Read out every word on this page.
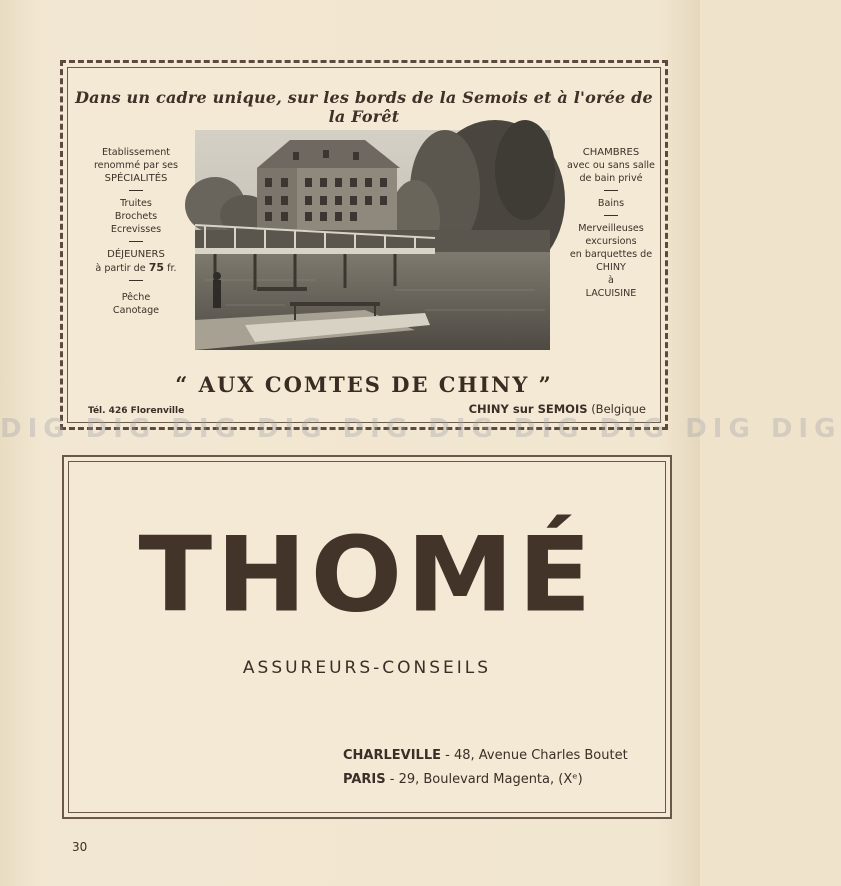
Dans un cadre unique, sur les bords de la Semois et à l'orée de la Forêt
Etablissement
renommé par ses
SPÉCIALITÉS
Truites
Brochets
Ecrevisses
DÉJEUNERS
à partir de 75 fr.
Pêche
Canotage
CHAMBRES
avec ou sans salle
de bain privé
Bains
Merveilleuses
excursions
en barquettes de
CHINY
à
LACUISINE
“ AUX COMTES DE CHINY ”
Tél. 426 Florenville	CHINY sur SEMOIS (Belgique
DIG DIG DIG DIG DIG DIG DIG DIG DIG DIG
THOMÉ
ASSUREURS-CONSEILS
CHARLEVILLE - 48, Avenue Charles Boutet
PARIS - 29, Boulevard Magenta, (Xᵉ)
30
